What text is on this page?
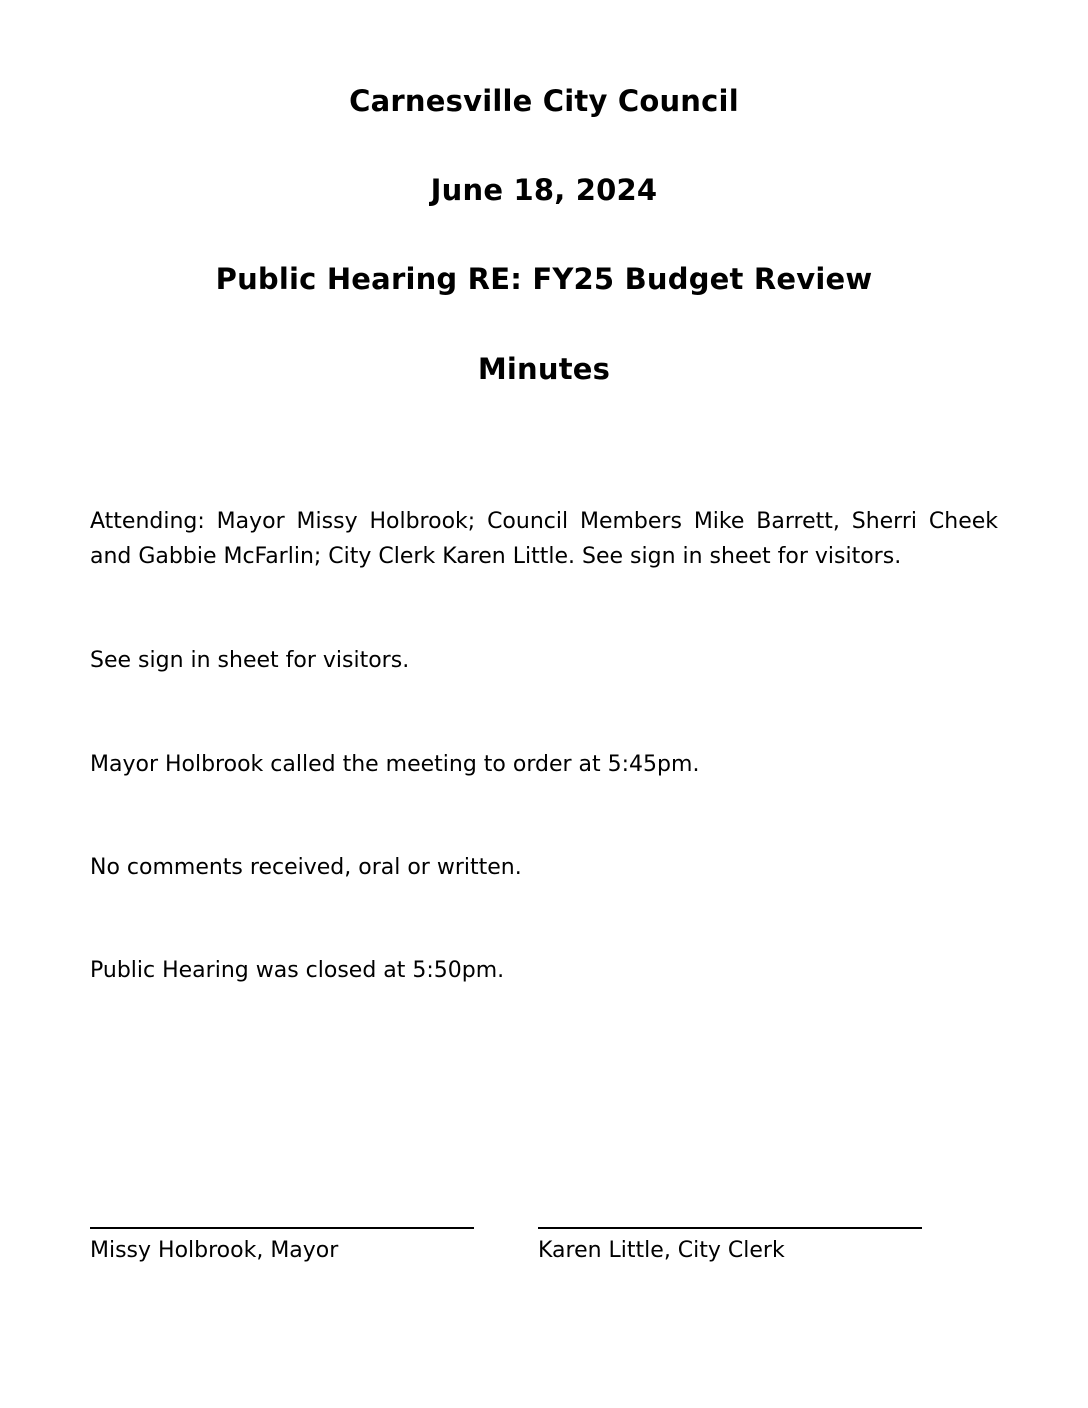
Carnesville City Council
June 18, 2024
Public Hearing RE: FY25 Budget Review
Minutes
Attending: Mayor Missy Holbrook; Council Members Mike Barrett, Sherri Cheek and Gabbie McFarlin; City Clerk Karen Little. See sign in sheet for visitors.
See sign in sheet for visitors.
Mayor Holbrook called the meeting to order at 5:45pm.
No comments received, oral or written.
Public Hearing was closed at 5:50pm.
Missy Holbrook, Mayor	Karen Little, City Clerk
